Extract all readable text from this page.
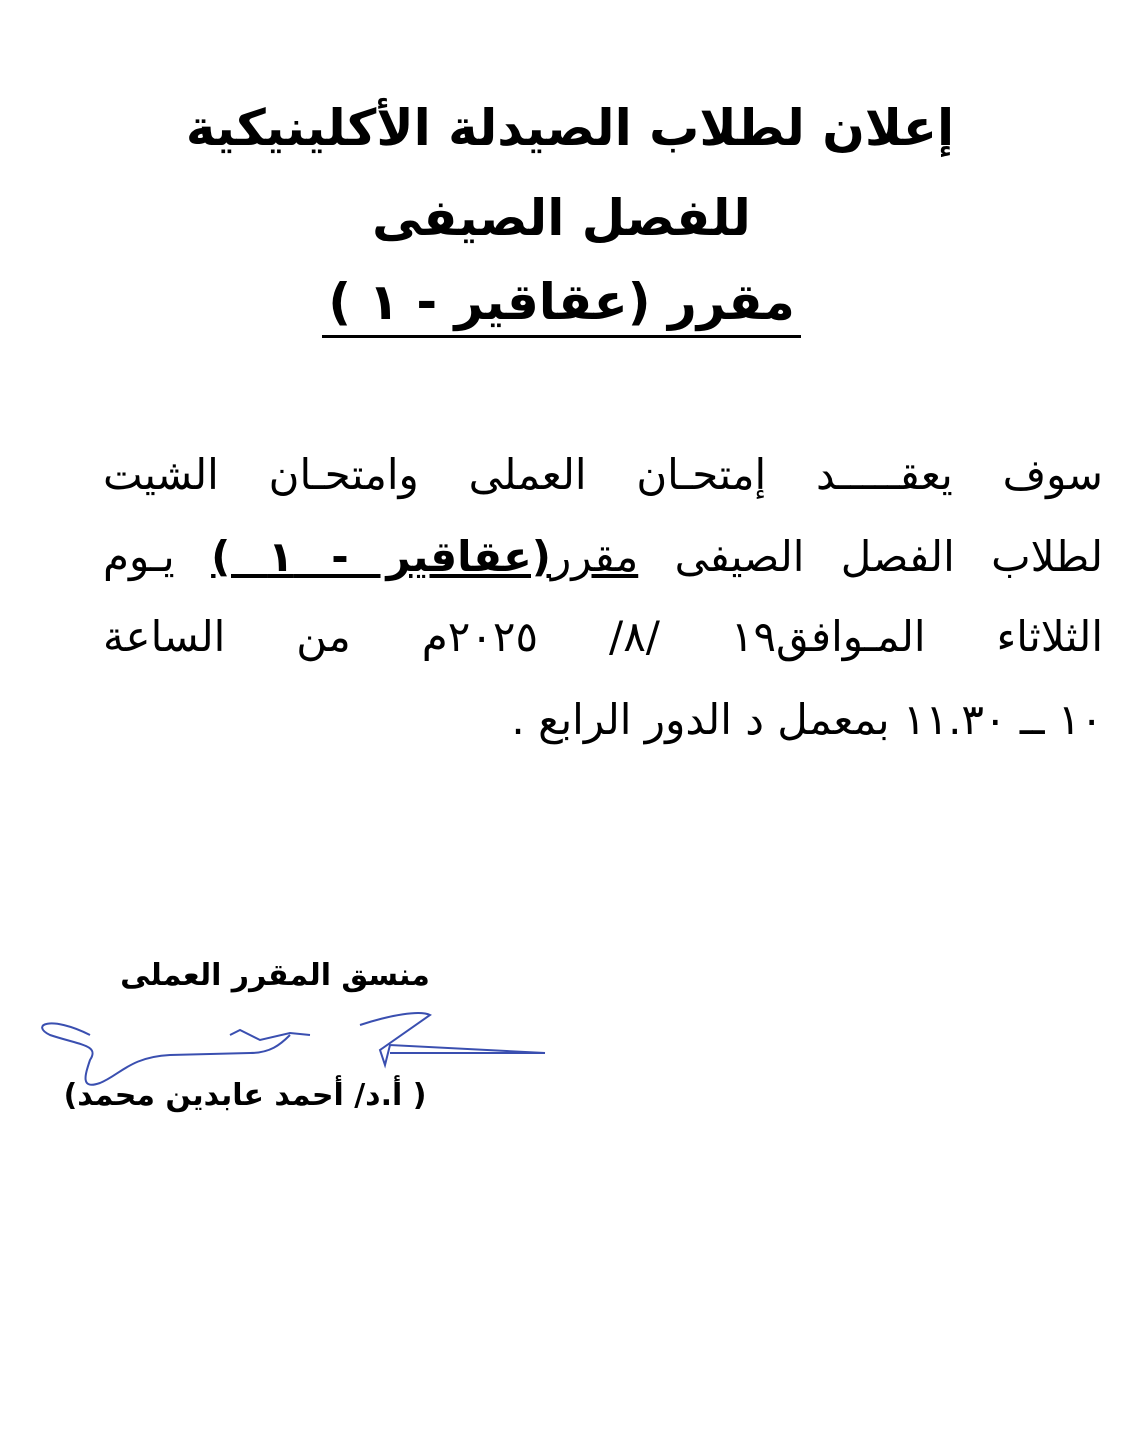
إعلان لطلاب الصيدلة الأكلينيكية
للفصل الصيفى
مقرر (عقاقير - ١ )
سوف يعقـــــد إمتحـان العملى وامتحـان الشيت
لطلاب الفصل الصيفى مقرر(عقاقير - ١ ) يـوم
الثلاثاء المـوافق١٩ /٨/ ٢٠٢٥م من الساعة
١٠ ــ ١١.٣٠ بمعمل د الدور الرابع .
منسق المقرر العملى
( أ.د/ أحمد عابدين محمد)
